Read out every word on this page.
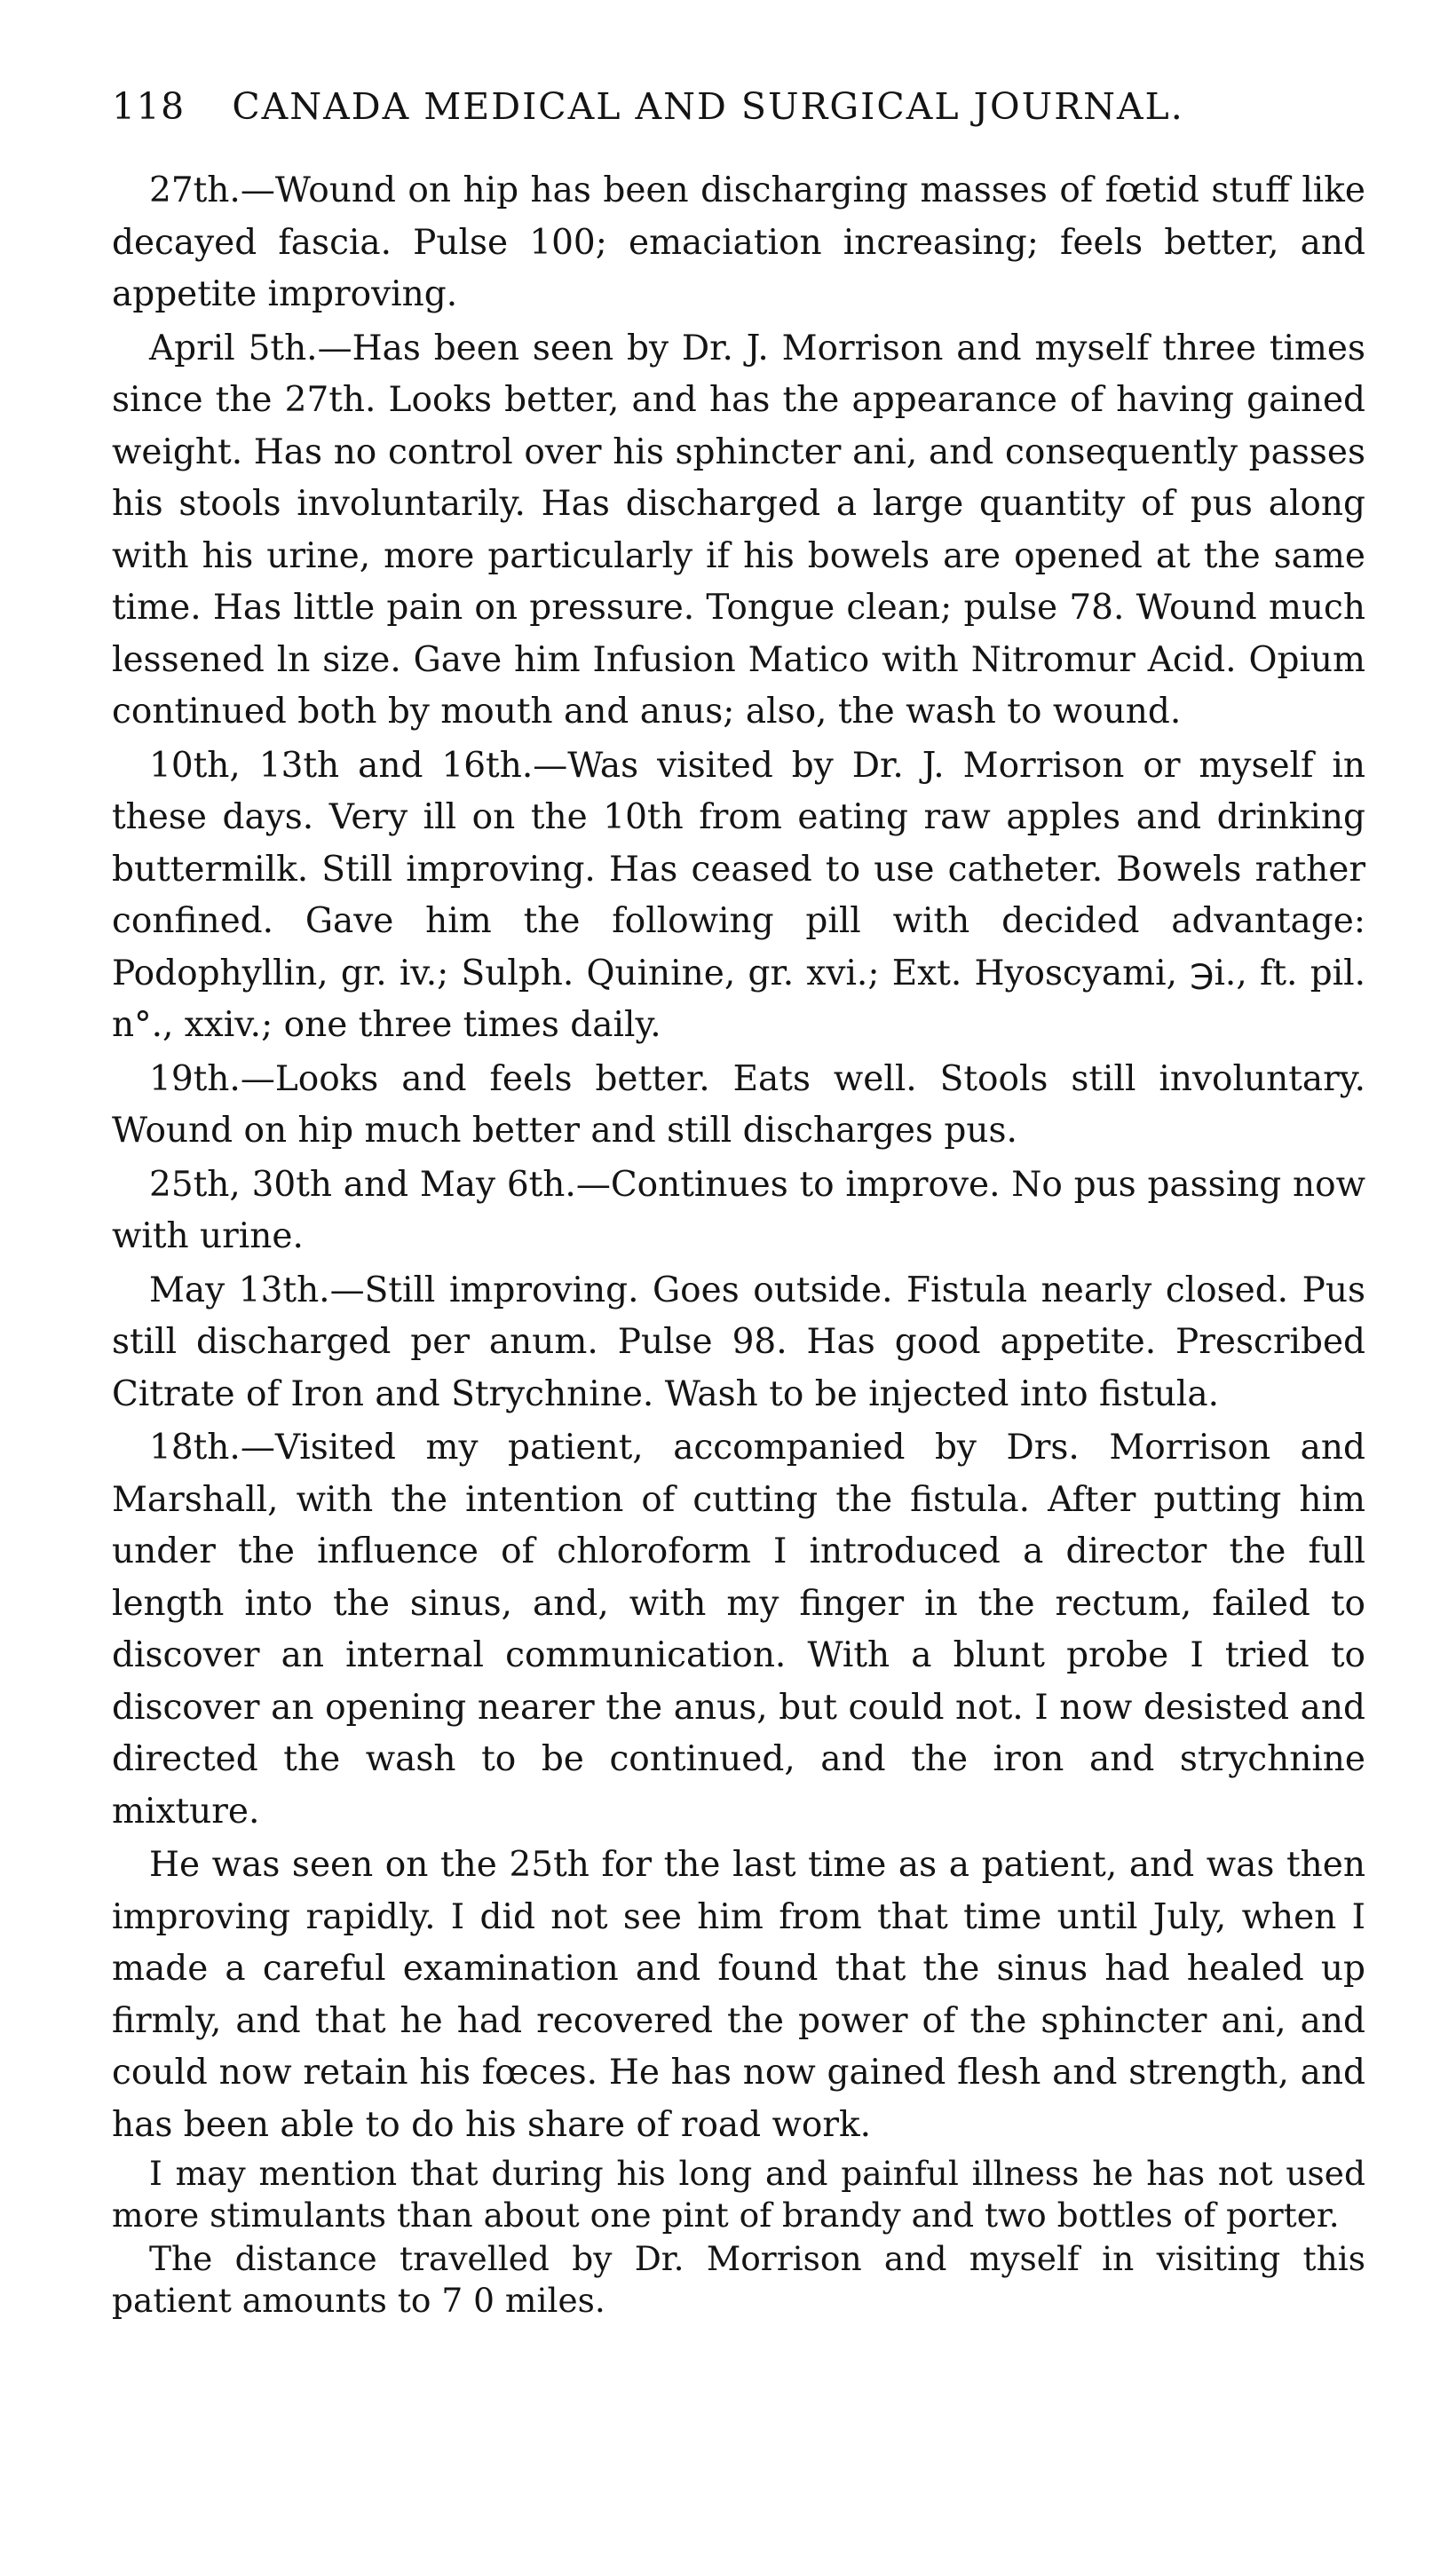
118 CANADA MEDICAL AND SURGICAL JOURNAL.

27th.—Wound on hip has been discharging masses of fœtid stuff like decayed fascia. Pulse 100; emaciation increasing; feels better, and appetite improving.

April 5th.—Has been seen by Dr. J. Morrison and myself three times since the 27th. Looks better, and has the appearance of having gained weight. Has no control over his sphincter ani, and consequently passes his stools involuntarily. Has discharged a large quantity of pus along with his urine, more particularly if his bowels are opened at the same time. Has little pain on pressure. Tongue clean; pulse 78. Wound much lessened ln size. Gave him Infusion Matico with Nitromur Acid. Opium continued both by mouth and anus; also, the wash to wound.

10th, 13th and 16th.—Was visited by Dr. J. Morrison or myself in these days. Very ill on the 10th from eating raw apples and drinking buttermilk. Still improving. Has ceased to use catheter. Bowels rather confined. Gave him the following pill with decided advantage: Podophyllin, gr. iv.; Sulph. Quinine, gr. xvi.; Ext. Hyoscyami, ℈i., ft. pil. n°., xxiv.; one three times daily.

19th.—Looks and feels better. Eats well. Stools still involuntary. Wound on hip much better and still discharges pus.

25th, 30th and May 6th.—Continues to improve. No pus passing now with urine.

May 13th.—Still improving. Goes outside. Fistula nearly closed. Pus still discharged per anum. Pulse 98. Has good appetite. Prescribed Citrate of Iron and Strychnine. Wash to be injected into fistula.

18th.—Visited my patient, accompanied by Drs. Morrison and Marshall, with the intention of cutting the fistula. After putting him under the influence of chloroform I introduced a director the full length into the sinus, and, with my finger in the rectum, failed to discover an internal communication. With a blunt probe I tried to discover an opening nearer the anus, but could not. I now desisted and directed the wash to be continued, and the iron and strychnine mixture.

He was seen on the 25th for the last time as a patient, and was then improving rapidly. I did not see him from that time until July, when I made a careful examination and found that the sinus had healed up firmly, and that he had recovered the power of the sphincter ani, and could now retain his fœces. He has now gained flesh and strength, and has been able to do his share of road work.

I may mention that during his long and painful illness he has not used more stimulants than about one pint of brandy and two bottles of porter.

The distance travelled by Dr. Morrison and myself in visiting this patient amounts to 7 0 miles.
